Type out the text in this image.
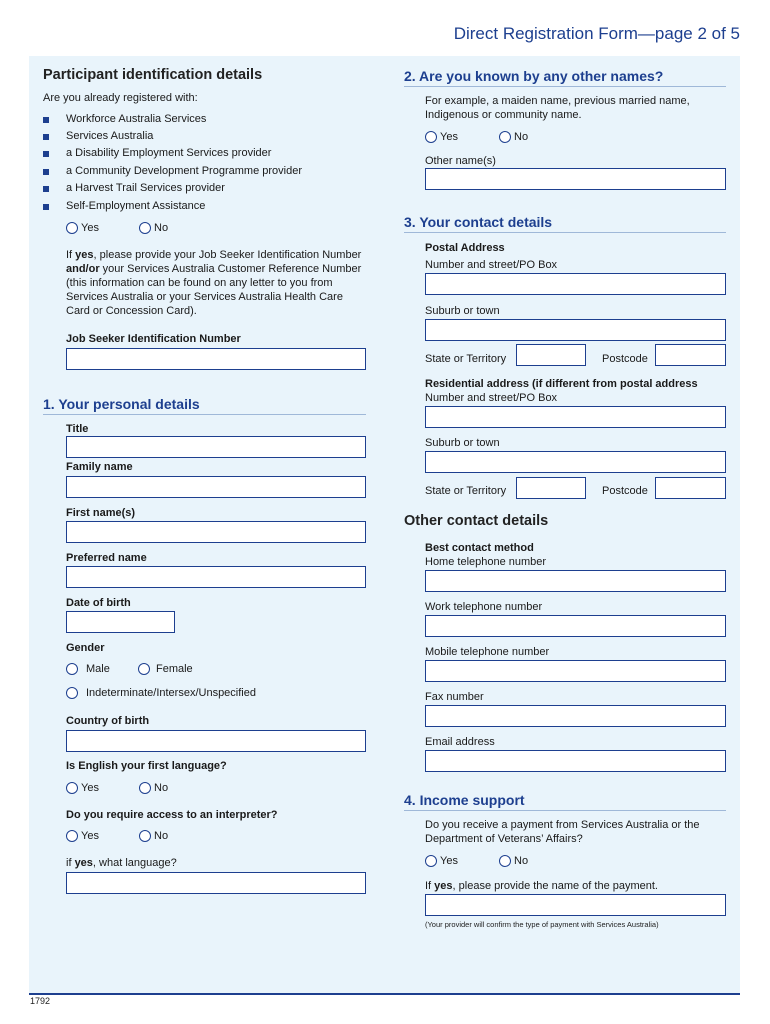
Direct Registration Form—page 2 of 5
1792
Participant identification details
Are you already registered with:
Workforce Australia Services
Services Australia
a Disability Employment Services provider
a Community Development Programme provider
a Harvest Trail Services provider
Self-Employment Assistance
Yes	No
If yes, please provide your Job Seeker Identification Number and/or your Services Australia Customer Reference Number (this information can be found on any letter to you from Services Australia or your Services Australia Health Care Card or Concession Card).
Job Seeker Identification Number
1. Your personal details
Title
Family name
First name(s)
Preferred name
Date of birth
Gender
Male	Female
Indeterminate/Intersex/Unspecified
Country of birth
Is English your first language?
Yes	No
Do you require access to an interpreter?
Yes	No
if yes, what language?
2. Are you known by any other names?
For example, a maiden name, previous married name, Indigenous or community name.
Yes	No
Other name(s)
3. Your contact details
Postal Address
Number and street/PO Box
Suburb or town
State or Territory	Postcode
Residential address (if different from postal address
Number and street/PO Box
Suburb or town
State or Territory	Postcode
Other contact details
Best contact method
Home telephone number
Work telephone number
Mobile telephone number
Fax number
Email address
4. Income support
Do you receive a payment from Services Australia or the Department of Veterans’ Affairs?
Yes	No
If yes, please provide the name of the payment.
(Your provider will confirm the type of payment with Services Australia)
